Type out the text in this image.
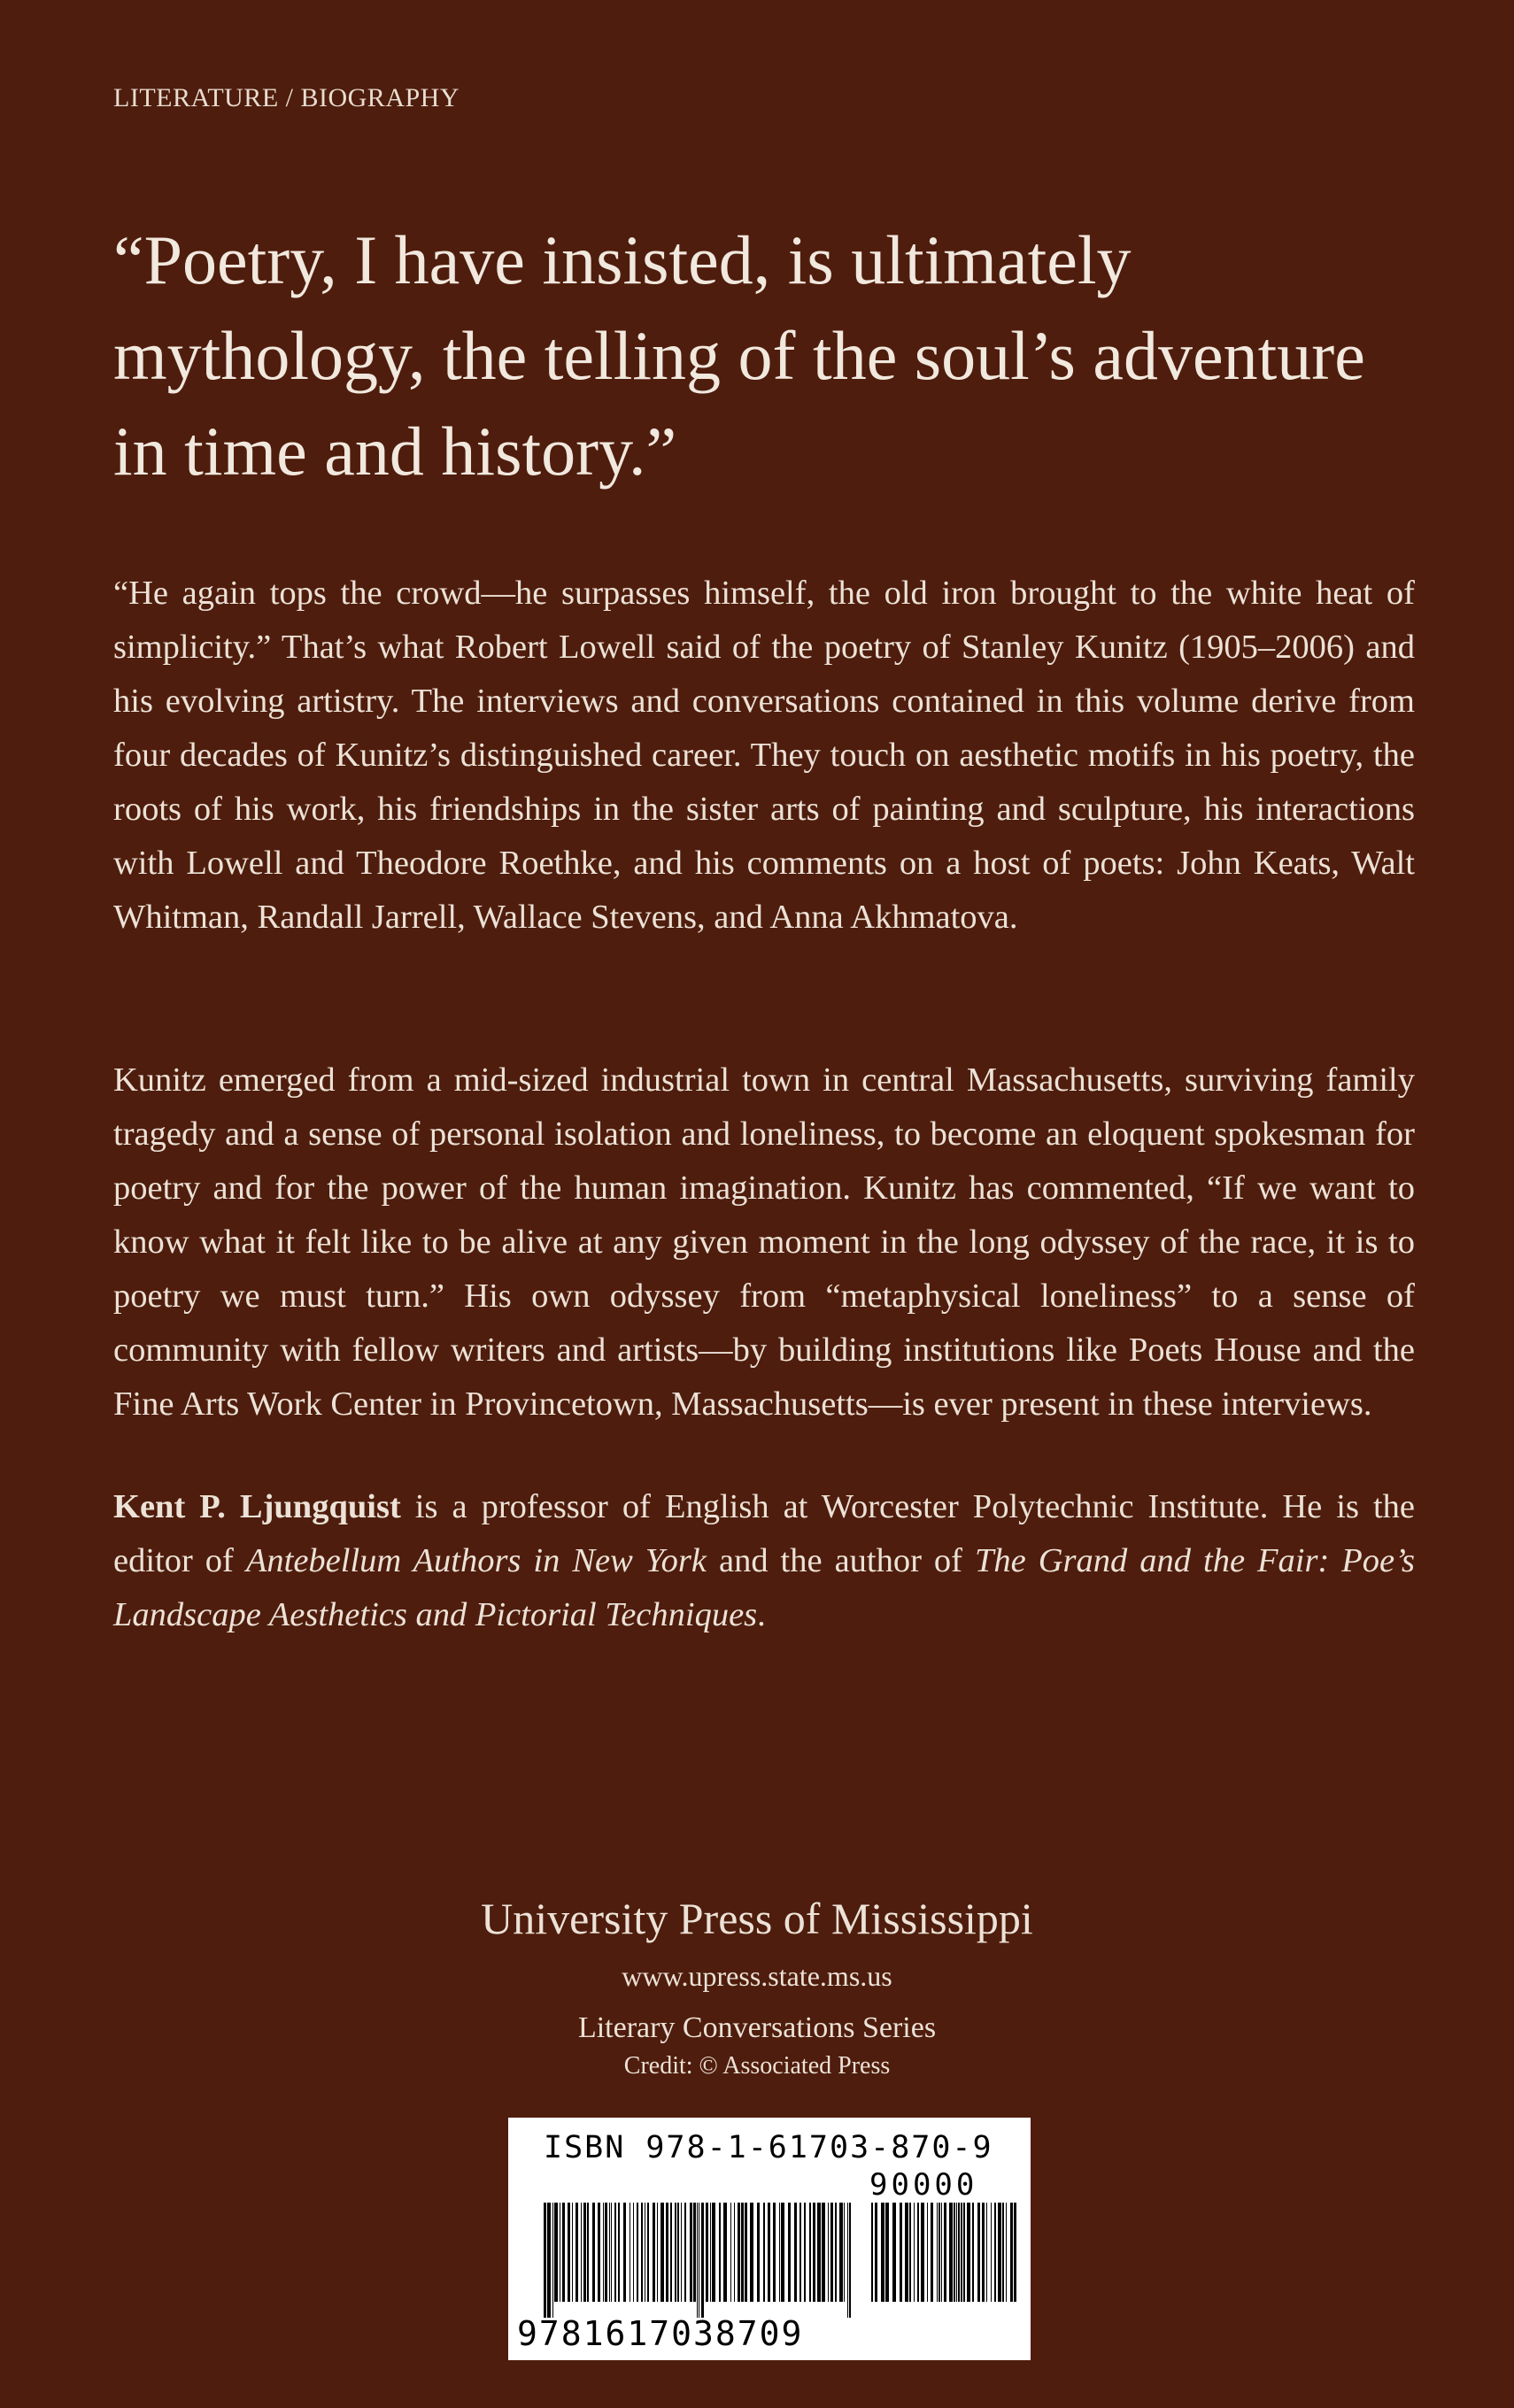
LITERATURE / BIOGRAPHY
“Poetry, I have insisted, is ultimately mythology, the telling of the soul’s adventure in time and history.”
“He again tops the crowd—he surpasses himself, the old iron brought to the white heat of simplicity.” That’s what Robert Lowell said of the poetry of Stanley Kunitz (1905–2006) and his evolving artistry. The interviews and conversations contained in this volume derive from four decades of Kunitz’s distinguished career. They touch on aesthetic motifs in his poetry, the roots of his work, his friendships in the sister arts of painting and sculpture, his interactions with Lowell and Theodore Roethke, and his comments on a host of poets: John Keats, Walt Whitman, Randall Jarrell, Wallace Stevens, and Anna Akhmatova.
Kunitz emerged from a mid-sized industrial town in central Massachusetts, surviving family tragedy and a sense of personal isolation and loneliness, to become an eloquent spokesman for poetry and for the power of the human imagination. Kunitz has commented, “If we want to know what it felt like to be alive at any given moment in the long odyssey of the race, it is to poetry we must turn.” His own odyssey from “metaphysical loneliness” to a sense of community with fellow writers and artists—by building institutions like Poets House and the Fine Arts Work Center in Provincetown, Massachusetts—is ever present in these interviews.
Kent P. Ljungquist is a professor of English at Worcester Polytechnic Institute. He is the editor of Antebellum Authors in New York and the author of The Grand and the Fair: Poe’s Landscape Aesthetics and Pictorial Techniques.
University Press of Mississippi
www.upress.state.ms.us
Literary Conversations Series
Credit: © Associated Press
ISBN 978-1-61703-870-9
90000
9781617038709
